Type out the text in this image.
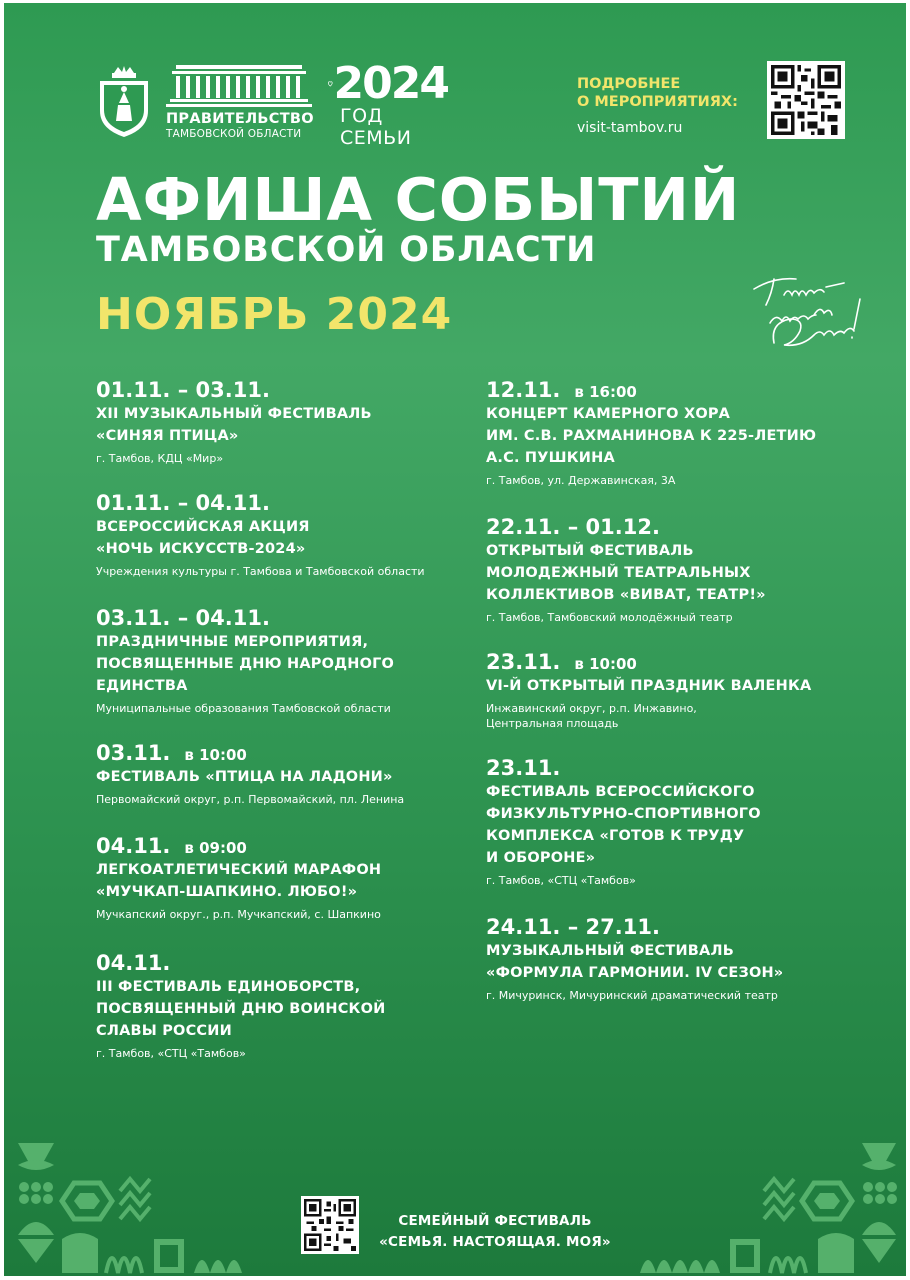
ПРАВИТЕЛЬСТВО
ТАМБОВСКОЙ ОБЛАСТИ
2024
ГОД СЕМЬИ
ПОДРОБНЕЕ
О МЕРОПРИЯТИЯХ:
visit-tambov.ru
АФИША СОБЫТИЙ
ТАМБОВСКОЙ ОБЛАСТИ
НОЯБРЬ 2024
01.11. – 03.11.
XII МУЗЫКАЛЬНЫЙ ФЕСТИВАЛЬ
«СИНЯЯ ПТИЦА»
г. Тамбов, КДЦ «Мир»
01.11. – 04.11.
ВСЕРОССИЙСКАЯ АКЦИЯ
«НОЧЬ ИСКУССТВ-2024»
Учреждения культуры г. Тамбова и Тамбовской области
03.11. – 04.11.
ПРАЗДНИЧНЫЕ МЕРОПРИЯТИЯ,
ПОСВЯЩЕННЫЕ ДНЮ НАРОДНОГО
ЕДИНСТВА
Муниципальные образования Тамбовской области
03.11. в 10:00
ФЕСТИВАЛЬ «ПТИЦА НА ЛАДОНИ»
Первомайский округ, р.п. Первомайский, пл. Ленина
04.11. в 09:00
ЛЕГКОАТЛЕТИЧЕСКИЙ МАРАФОН
«МУЧКАП-ШАПКИНО. ЛЮБО!»
Мучкапский округ., р.п. Мучкапский, с. Шапкино
04.11.
III ФЕСТИВАЛЬ ЕДИНОБОРСТВ,
ПОСВЯЩЕННЫЙ ДНЮ ВОИНСКОЙ
СЛАВЫ РОССИИ
г. Тамбов, «СТЦ «Тамбов»
12.11. в 16:00
КОНЦЕРТ КАМЕРНОГО ХОРА
ИМ. С.В. РАХМАНИНОВА К 225-ЛЕТИЮ
А.С. ПУШКИНА
г. Тамбов, ул. Державинская, 3А
22.11. – 01.12.
ОТКРЫТЫЙ ФЕСТИВАЛЬ
МОЛОДЕЖНЫЙ ТЕАТРАЛЬНЫХ
КОЛЛЕКТИВОВ «ВИВАТ, ТЕАТР!»
г. Тамбов, Тамбовский молодёжный театр
23.11. в 10:00
VI-Й ОТКРЫТЫЙ ПРАЗДНИК ВАЛЕНКА
Инжавинский округ, р.п. Инжавино,
Центральная площадь
23.11.
ФЕСТИВАЛЬ ВСЕРОССИЙСКОГО
ФИЗКУЛЬТУРНО-СПОРТИВНОГО
КОМПЛЕКСА «ГОТОВ К ТРУДУ
И ОБОРОНЕ»
г. Тамбов, «СТЦ «Тамбов»
24.11. – 27.11.
МУЗЫКАЛЬНЫЙ ФЕСТИВАЛЬ
«ФОРМУЛА ГАРМОНИИ. IV СЕЗОН»
г. Мичуринск, Мичуринский драматический театр
СЕМЕЙНЫЙ ФЕСТИВАЛЬ
«СЕМЬЯ. НАСТОЯЩАЯ. МОЯ»
